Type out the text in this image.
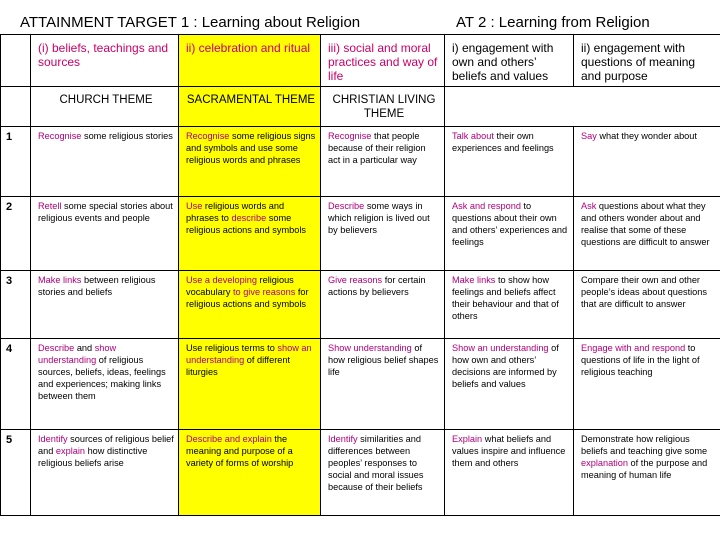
ATTAINMENT TARGET 1 : Learning about Religion	AT 2 : Learning from Religion
	(i) beliefs, teachings and sources	ii) celebration and ritual	iii) social and moral practices and way of life	i) engagement with own and others’ beliefs and values	ii) engagement with questions of meaning and purpose
	CHURCH THEME	SACRAMENTAL THEME	CHRISTIAN LIVING THEME		
1	Recognise some religious stories	Recognise some religious signs and symbols and use some religious words and phrases	Recognise that people because of their religion act in a particular way	Talk about their own experiences and feelings	Say what they wonder about
2	Retell some special stories about religious events and people	Use religious words and phrases to describe some religious actions and symbols	Describe some ways in which religion is lived out by believers	Ask and respond to questions about their own and others’ experiences and feelings	Ask questions about what they and others wonder about and realise that some of these questions are difficult to answer
3	Make links between religious stories and beliefs	Use a developing religious vocabulary to give reasons for religious actions and symbols	Give reasons for certain actions by believers	Make links to show how feelings and beliefs affect their behaviour and that of others	Compare their own and other people’s ideas about questions that are difficult to answer
4	Describe and show understanding of religious sources, beliefs, ideas, feelings and experiences; making links between them	Use religious terms to show an understanding of different liturgies	Show understanding of how religious belief shapes life	Show an understanding of how own and others’ decisions are informed by beliefs and values	Engage with and respond to questions of life in the light of religious teaching
5	Identify sources of religious belief and explain how distinctive religious beliefs arise	Describe and explain the meaning and purpose of a variety of forms of worship	Identify similarities and differences between peoples’ responses to social and moral issues because of their beliefs	Explain what beliefs and values inspire and influence them and others	Demonstrate how religious beliefs and teaching give some explanation of the purpose and meaning of human life
